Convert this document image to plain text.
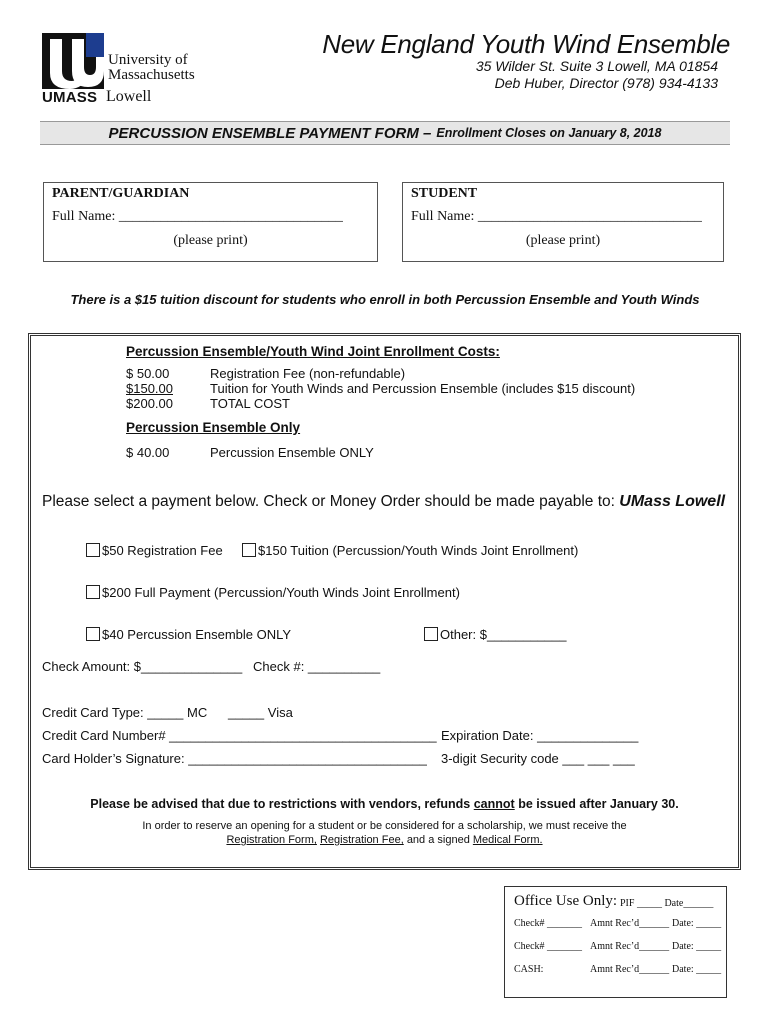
University of
Massachusetts
UMASS Lowell
New England Youth Wind Ensemble
35 Wilder St. Suite 3 Lowell, MA 01854
Deb Huber, Director (978) 934-4133
PERCUSSION ENSEMBLE PAYMENT FORM – Enrollment Closes on January 8, 2018
PARENT/GUARDIAN
Full Name: ________________________________
(please print)
STUDENT
Full Name: ________________________________
(please print)
There is a $15 tuition discount for students who enroll in both Percussion Ensemble and Youth Winds
Percussion Ensemble/Youth Wind Joint Enrollment Costs:
$ 50.00	Registration Fee (non-refundable)
$150.00	Tuition for Youth Winds and Percussion Ensemble (includes $15 discount)
$200.00	TOTAL COST
Percussion Ensemble Only
$ 40.00	Percussion Ensemble ONLY
Please select a payment below. Check or Money Order should be made payable to: UMass Lowell
$50 Registration Fee	$150 Tuition (Percussion/Youth Winds Joint Enrollment)
$200 Full Payment (Percussion/Youth Winds Joint Enrollment)
$40 Percussion Ensemble ONLY	Other: $___________
Check Amount: $______________ Check #: __________
Credit Card Type: _____ MC _____ Visa
Credit Card Number# _____________________________________ Expiration Date: ______________
Card Holder’s Signature: _________________________________ 3-digit Security code ___ ___ ___
Please be advised that due to restrictions with vendors, refunds cannot be issued after January 30.
In order to reserve an opening for a student or be considered for a scholarship, we must receive the
Registration Form, Registration Fee, and a signed Medical Form.
Office Use Only: PIF _____ Date______
Check# _______ Amnt Rec’d______ Date: _____
Check# _______ Amnt Rec’d______ Date: _____
CASH:	Amnt Rec’d______ Date: _____
